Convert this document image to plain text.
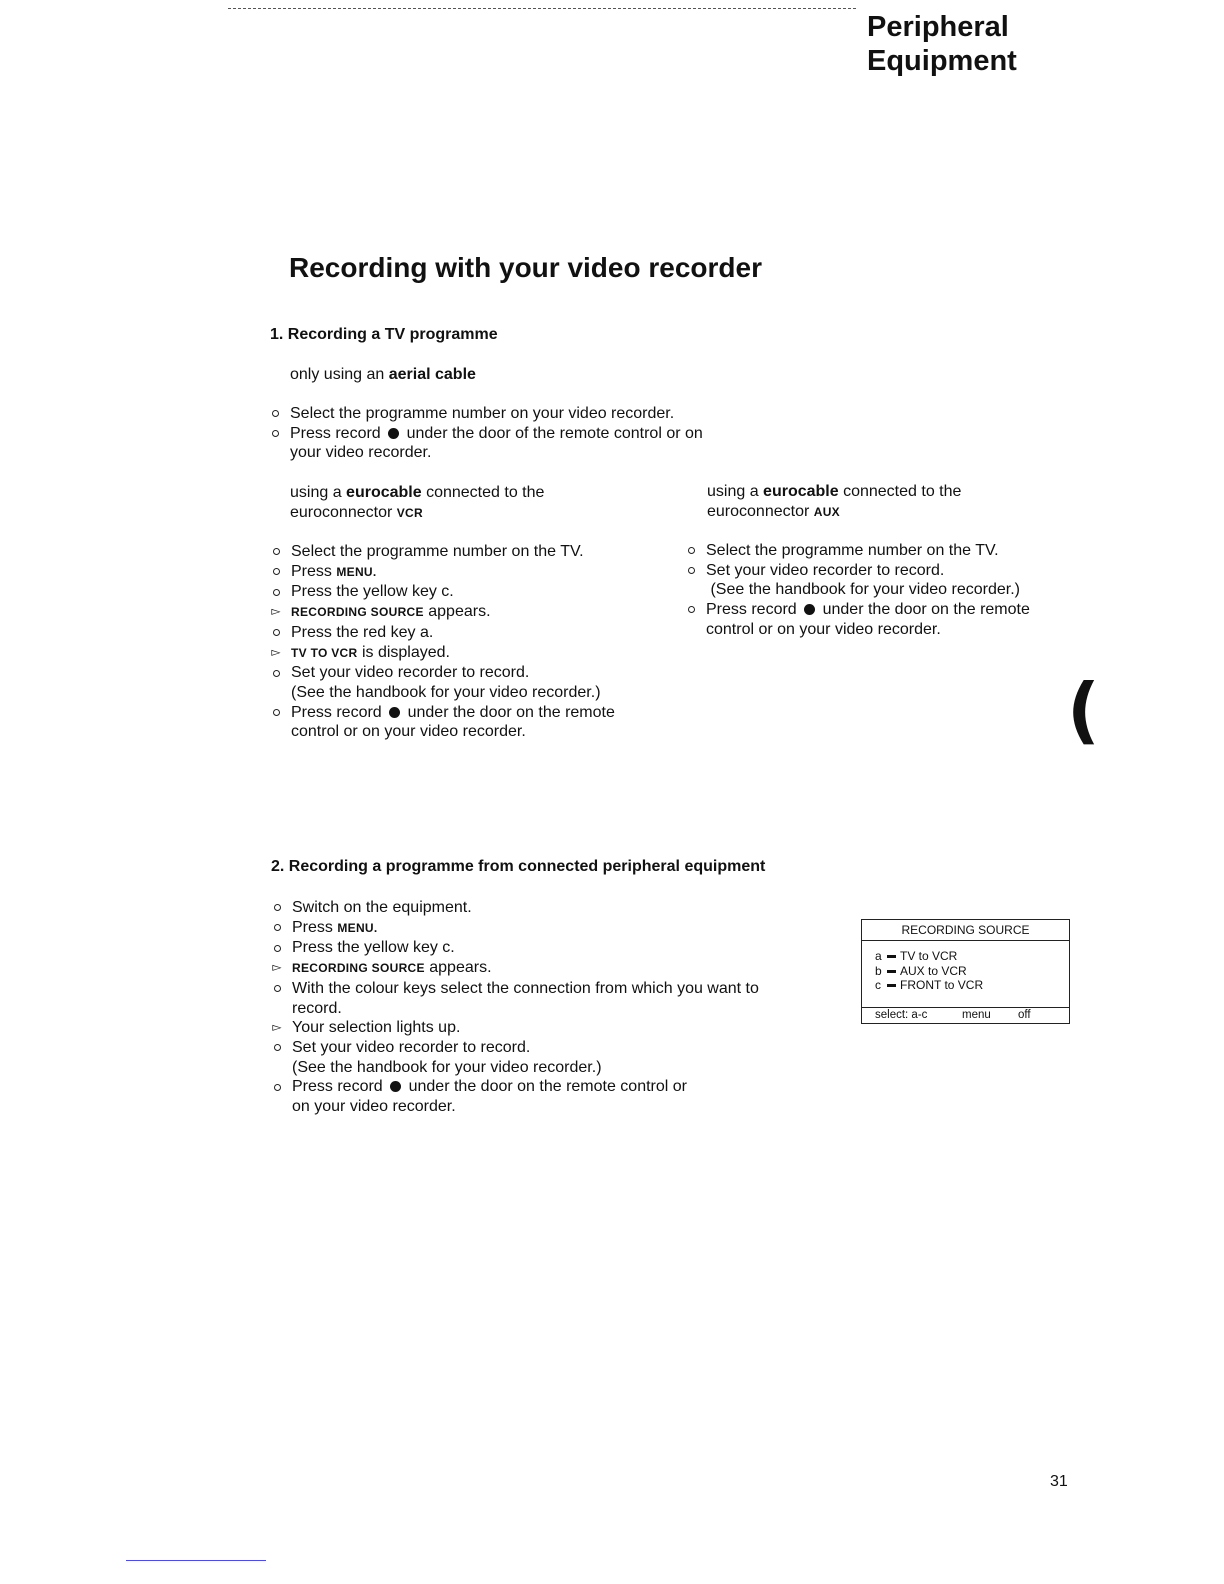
Peripheral
Equipment
Recording with your video recorder
1. Recording a TV programme
only using an aerial cable
Select the programme number on your video recorder.
Press record under the door of the remote control or on
your video recorder.
using a eurocable connected to the
euroconnector VCR
Select the programme number on the TV.
Press MENU.
Press the yellow key c.
▻
RECORDING SOURCE appears.
Press the red key a.
▻
TV TO VCR is displayed.
Set your video recorder to record.
(See the handbook for your video recorder.)
Press record under the door on the remote
control or on your video recorder.
using a eurocable connected to the
euroconnector AUX
Select the programme number on the TV.
Set your video recorder to record.
(See the handbook for your video recorder.)
Press record under the door on the remote
control or on your video recorder.
(
2. Recording a programme from connected peripheral equipment
Switch on the equipment.
Press MENU.
Press the yellow key c.
▻
RECORDING SOURCE appears.
With the colour keys select the connection from which you want to
record.
▻
Your selection lights up.
Set your video recorder to record.
(See the handbook for your video recorder.)
Press record under the door on the remote control or
on your video recorder.
RECORDING SOURCE
a TV to VCR
b AUX to VCR
c FRONT to VCR
select: a-c	menu off
31
